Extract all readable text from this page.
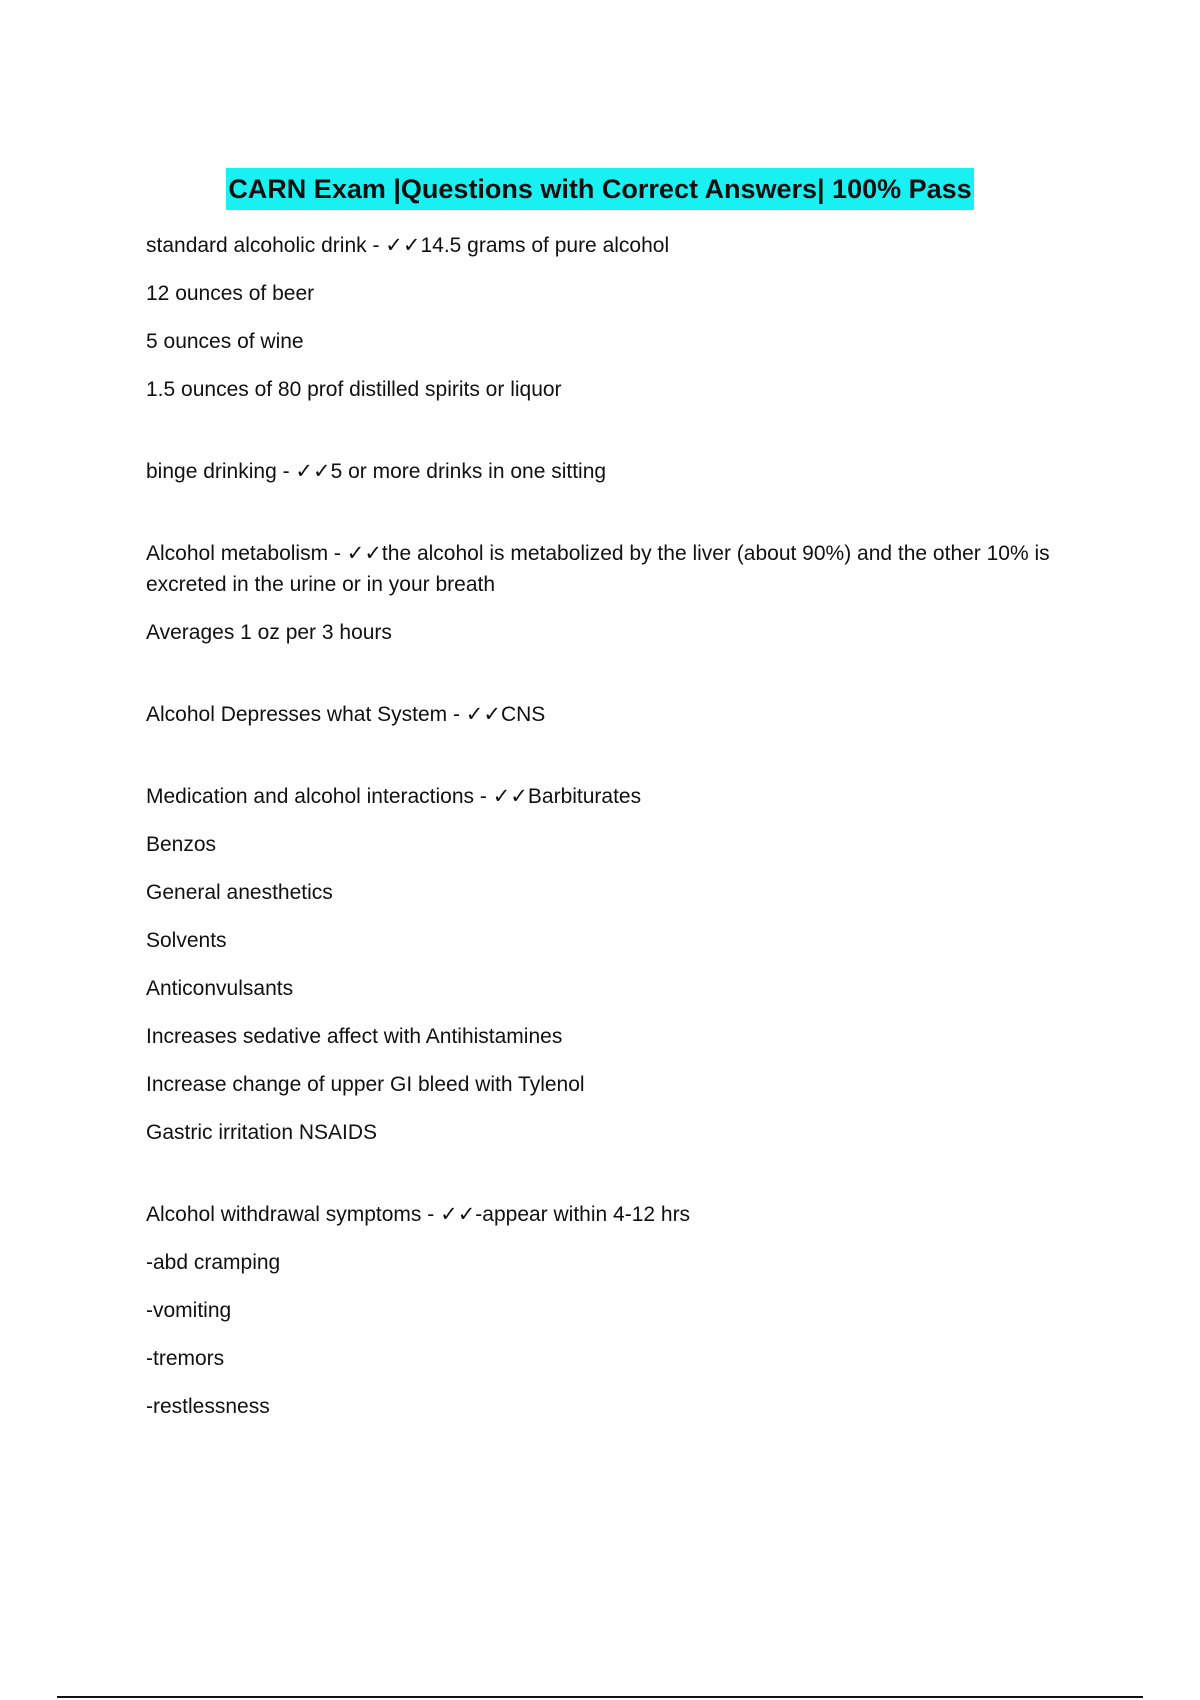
CARN Exam |Questions with Correct Answers| 100% Pass

standard alcoholic drink - ✓✓14.5 grams of pure alcohol

12 ounces of beer

5 ounces of wine

1.5 ounces of 80 prof distilled spirits or liquor

binge drinking - ✓✓5 or more drinks in one sitting

Alcohol metabolism - ✓✓the alcohol is metabolized by the liver (about 90%) and the other 10% is excreted in the urine or in your breath

Averages 1 oz per 3 hours

Alcohol Depresses what System - ✓✓CNS

Medication and alcohol interactions - ✓✓Barbiturates

Benzos

General anesthetics

Solvents

Anticonvulsants

Increases sedative affect with Antihistamines

Increase change of upper GI bleed with Tylenol

Gastric irritation NSAIDS

Alcohol withdrawal symptoms - ✓✓-appear within 4-12 hrs

-abd cramping

-vomiting

-tremors

-restlessness
